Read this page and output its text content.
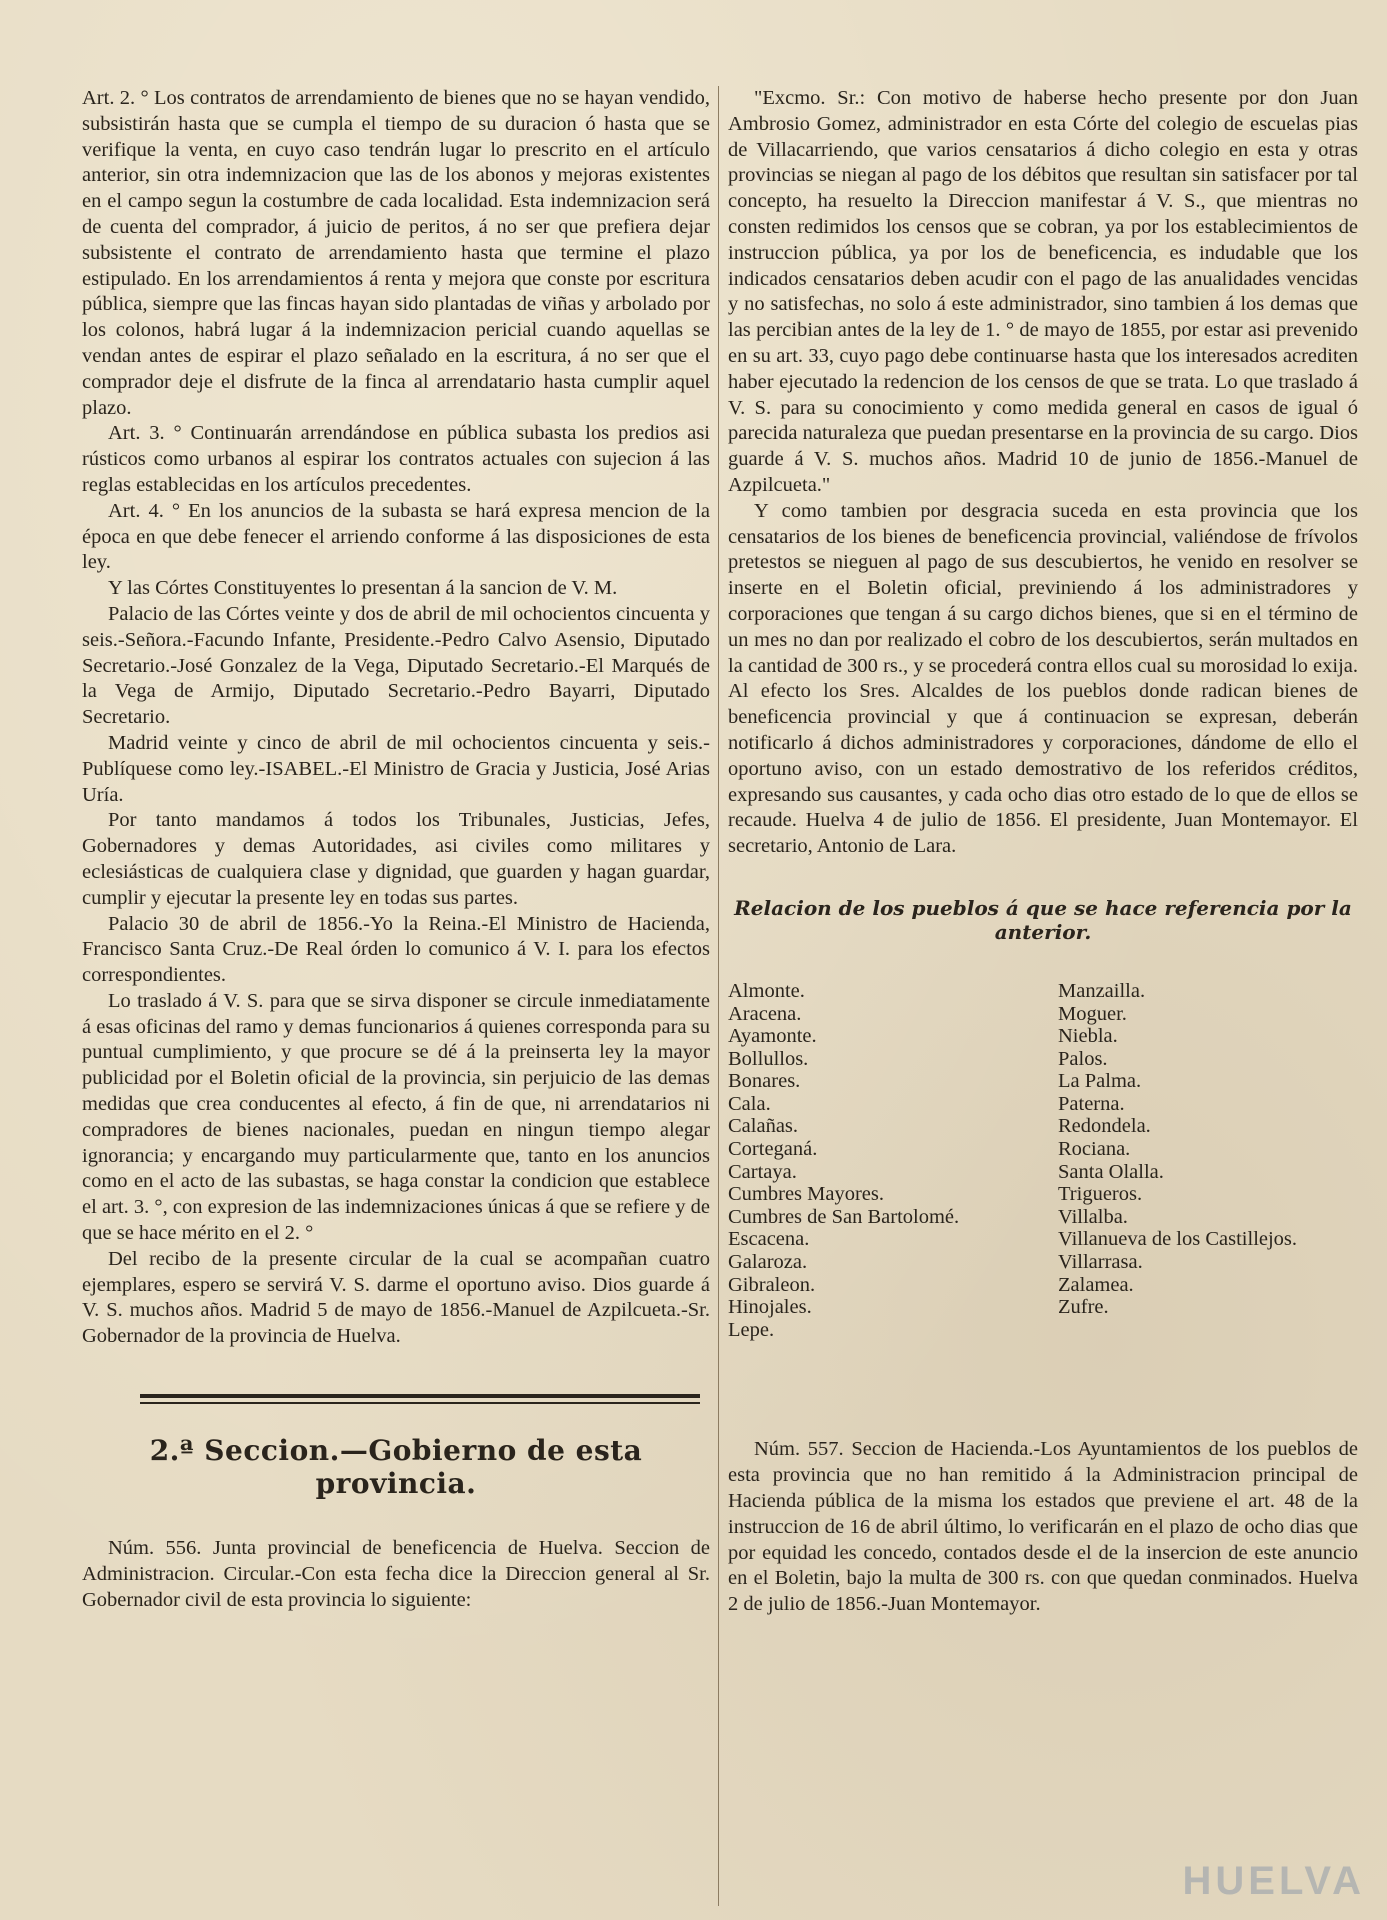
Art. 2. ° Los contratos de arrendamiento de bienes que no se hayan vendido, subsistirán hasta que se cumpla el tiempo de su duracion ó hasta que se verifique la venta, en cuyo caso tendrán lugar lo prescrito en el artículo anterior, sin otra indemnizacion que las de los abonos y mejoras existentes en el campo segun la costumbre de cada localidad. Esta indemnizacion será de cuenta del comprador, á juicio de peritos, á no ser que prefiera dejar subsistente el contrato de arrendamiento hasta que termine el plazo estipulado. En los arrendamientos á renta y mejora que conste por escritura pública, siempre que las fincas hayan sido plantadas de viñas y arbolado por los colonos, habrá lugar á la indemnizacion pericial cuando aquellas se vendan antes de espirar el plazo señalado en la escritura, á no ser que el comprador deje el disfrute de la finca al arrendatario hasta cumplir aquel plazo.

Art. 3. ° Continuarán arrendándose en pública subasta los predios asi rústicos como urbanos al espirar los contratos actuales con sujecion á las reglas establecidas en los artículos precedentes.

Art. 4. ° En los anuncios de la subasta se hará expresa mencion de la época en que debe fenecer el arriendo conforme á las disposiciones de esta ley.

Y las Córtes Constituyentes lo presentan á la sancion de V. M.

Palacio de las Córtes veinte y dos de abril de mil ochocientos cincuenta y seis.-Señora.-Facundo Infante, Presidente.-Pedro Calvo Asensio, Diputado Secretario.-José Gonzalez de la Vega, Diputado Secretario.-El Marqués de la Vega de Armijo, Diputado Secretario.-Pedro Bayarri, Diputado Secretario.

Madrid veinte y cinco de abril de mil ochocientos cincuenta y seis.-Publíquese como ley.-ISABEL.-El Ministro de Gracia y Justicia, José Arias Uría.

Por tanto mandamos á todos los Tribunales, Justicias, Jefes, Gobernadores y demas Autoridades, asi civiles como militares y eclesiásticas de cualquiera clase y dignidad, que guarden y hagan guardar, cumplir y ejecutar la presente ley en todas sus partes.

Palacio 30 de abril de 1856.-Yo la Reina.-El Ministro de Hacienda, Francisco Santa Cruz.-De Real órden lo comunico á V. I. para los efectos correspondientes.

Lo traslado á V. S. para que se sirva disponer se circule inmediatamente á esas oficinas del ramo y demas funcionarios á quienes corresponda para su puntual cumplimiento, y que procure se dé á la preinserta ley la mayor publicidad por el Boletin oficial de la provincia, sin perjuicio de las demas medidas que crea conducentes al efecto, á fin de que, ni arrendatarios ni compradores de bienes nacionales, puedan en ningun tiempo alegar ignorancia; y encargando muy particularmente que, tanto en los anuncios como en el acto de las subastas, se haga constar la condicion que establece el art. 3. °, con expresion de las indemnizaciones únicas á que se refiere y de que se hace mérito en el 2. °

Del recibo de la presente circular de la cual se acompañan cuatro ejemplares, espero se servirá V. S. darme el oportuno aviso. Dios guarde á V. S. muchos años. Madrid 5 de mayo de 1856.-Manuel de Azpilcueta.-Sr. Gobernador de la provincia de Huelva.

2.ª Seccion.—Gobierno de esta provincia.

Núm. 556. Junta provincial de beneficencia de Huelva. Seccion de Administracion. Circular.-Con esta fecha dice la Direccion general al Sr. Gobernador civil de esta provincia lo siguiente:

"Excmo. Sr.: Con motivo de haberse hecho presente por don Juan Ambrosio Gomez, administrador en esta Córte del colegio de escuelas pias de Villacarriendo, que varios censatarios á dicho colegio en esta y otras provincias se niegan al pago de los débitos que resultan sin satisfacer por tal concepto, ha resuelto la Direccion manifestar á V. S., que mientras no consten redimidos los censos que se cobran, ya por los establecimientos de instruccion pública, ya por los de beneficencia, es indudable que los indicados censatarios deben acudir con el pago de las anualidades vencidas y no satisfechas, no solo á este administrador, sino tambien á los demas que las percibian antes de la ley de 1. ° de mayo de 1855, por estar asi prevenido en su art. 33, cuyo pago debe continuarse hasta que los interesados acrediten haber ejecutado la redencion de los censos de que se trata. Lo que traslado á V. S. para su conocimiento y como medida general en casos de igual ó parecida naturaleza que puedan presentarse en la provincia de su cargo. Dios guarde á V. S. muchos años. Madrid 10 de junio de 1856.-Manuel de Azpilcueta."

Y como tambien por desgracia suceda en esta provincia que los censatarios de los bienes de beneficencia provincial, valiéndose de frívolos pretestos se nieguen al pago de sus descubiertos, he venido en resolver se inserte en el Boletin oficial, previniendo á los administradores y corporaciones que tengan á su cargo dichos bienes, que si en el término de un mes no dan por realizado el cobro de los descubiertos, serán multados en la cantidad de 300 rs., y se procederá contra ellos cual su morosidad lo exija. Al efecto los Sres. Alcaldes de los pueblos donde radican bienes de beneficencia provincial y que á continuacion se expresan, deberán notificarlo á dichos administradores y corporaciones, dándome de ello el oportuno aviso, con un estado demostrativo de los referidos créditos, expresando sus causantes, y cada ocho dias otro estado de lo que de ellos se recaude. Huelva 4 de julio de 1856. El presidente, Juan Montemayor. El secretario, Antonio de Lara.

Relacion de los pueblos á que se hace referencia por la anterior.
Almonte.
Aracena.
Ayamonte.
Bollullos.
Bonares.
Cala.
Calañas.
Corteganá.
Cartaya.
Cumbres Mayores.
Cumbres de San Bartolomé.
Escacena.
Galaroza.
Gibraleon.
Hinojales.
Lepe.
Manzailla.
Moguer.
Niebla.
Palos.
La Palma.
Paterna.
Redondela.
Rociana.
Santa Olalla.
Trigueros.
Villalba.
Villanueva de los Castillejos.
Villarrasa.
Zalamea.
Zufre.

Núm. 557. Seccion de Hacienda.-Los Ayuntamientos de los pueblos de esta provincia que no han remitido á la Administracion principal de Hacienda pública de la misma los estados que previene el art. 48 de la instruccion de 16 de abril último, lo verificarán en el plazo de ocho dias que por equidad les concedo, contados desde el de la insercion de este anuncio en el Boletin, bajo la multa de 300 rs. con que quedan conminados. Huelva 2 de julio de 1856.-Juan Montemayor.

HUELVA
